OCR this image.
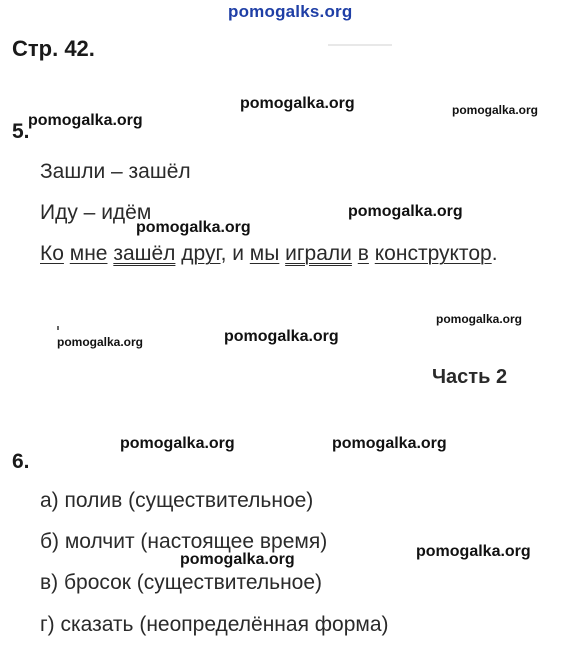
pomogalks.org
Стр. 42.
5.
pomogalka.org
pomogalka.org	pomogalka.org
Зашли – зашёл
Иду – идём
pomogalka.org
pomogalka.org
Ко мне зашёл друг, и мы играли в конструктор.
pomogalka.org	pomogalka.org
pomogalka.org
Часть 2
6.
pomogalka.org	pomogalka.org
а) полив (существительное)
б) молчит (настоящее время)
pomogalka.org	pomogalka.org
в) бросок (существительное)
г) сказать (неопределённая форма)
